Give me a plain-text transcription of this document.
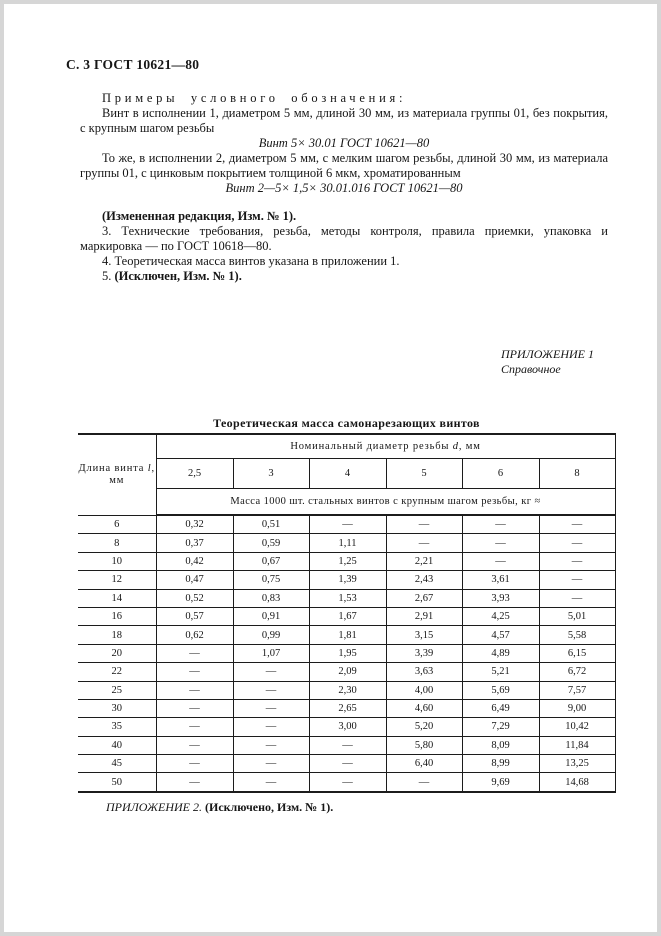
С. 3 ГОСТ 10621—80

Примеры условного обозначения:

Винт в исполнении 1, диаметром 5 мм, длиной 30 мм, из материала группы 01, без покрытия, с крупным шагом резьбы

Винт 5× 30.01 ГОСТ 10621—80

То же, в исполнении 2, диаметром 5 мм, с мелким шагом резьбы, длиной 30 мм, из материала группы 01, с цинковым покрытием толщиной 6 мкм, хроматированным

Винт 2—5× 1,5× 30.01.016 ГОСТ 10621—80

(Измененная редакция, Изм. № 1).

3. Технические требования, резьба, методы контроля, правила приемки, упаковка и маркировка — по ГОСТ 10618—80.

4. Теоретическая масса винтов указана в приложении 1.

5. (Исключен, Изм. № 1).

ПРИЛОЖЕНИЕ 1
Справочное
Теоретическая масса самонарезающих винтов
Длина винта l, мм	Номинальный диаметр резьбы d, мм					
	2,5	3	4	5	6	8
	Масса 1000 шт. стальных винтов с крупным шагом резьбы, кг ≈					
6	0,32	0,51	—	—	—	—
8	0,37	0,59	1,11	—	—	—
10	0,42	0,67	1,25	2,21	—	—
12	0,47	0,75	1,39	2,43	3,61	—
14	0,52	0,83	1,53	2,67	3,93	—
16	0,57	0,91	1,67	2,91	4,25	5,01
18	0,62	0,99	1,81	3,15	4,57	5,58
20	—	1,07	1,95	3,39	4,89	6,15
22	—	—	2,09	3,63	5,21	6,72
25	—	—	2,30	4,00	5,69	7,57
30	—	—	2,65	4,60	6,49	9,00
35	—	—	3,00	5,20	7,29	10,42
40	—	—	—	5,80	8,09	11,84
45	—	—	—	6,40	8,99	13,25
50	—	—	—	—	9,69	14,68
ПРИЛОЖЕНИЕ 2. (Исключено, Изм. № 1).
